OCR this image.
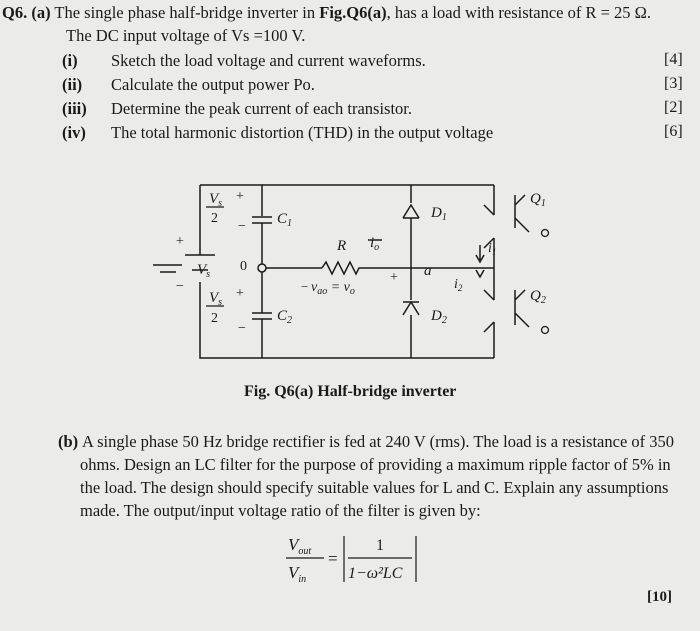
Q6. (a) The single phase half-bridge inverter in Fig.Q6(a), has a load with resistance of R = 25 Ω.
The DC input voltage of Vs =100 V.
(i) Sketch the load voltage and current waveforms.	[4]
(ii) Calculate the output power Po.	[3]
(iii) Determine the peak current of each transistor.	[2]
(iv) The total harmonic distortion (THD) in the output voltage	[6]
$V_s$
2
+
− $C_1$
+
−
$V_s$
0
$V_s$
2
+
−
$C_2$
R $i_o$
− $v_{ao} = v_o$
+ a
$D_1$
$D_2$
$i_1$
$i_2$
$Q_1$
$Q_2$
Fig. Q6(a) Half-bridge inverter
(b) A single phase 50 Hz bridge rectifier is fed at 240 V (rms). The load is a resistance of 350
ohms. Design an LC filter for the purpose of providing a maximum ripple factor of 5% in
the load. The design should specify suitable values for L and C. Explain any assumptions
made. The output/input voltage ratio of the filter is given by:
$V_{out}$
$V_{in}$
=
1
1−ω²LC
[10]
